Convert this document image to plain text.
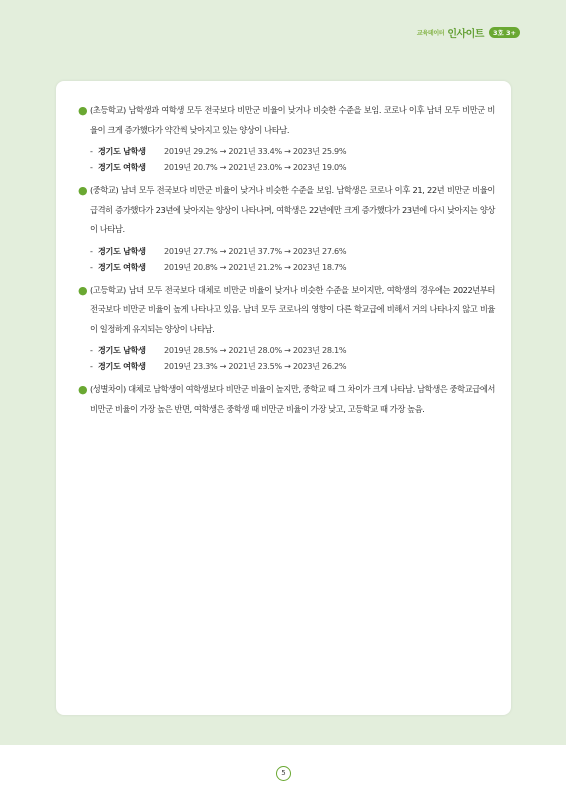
교육데이터 인사이트	3호 3+
● (초등학교) 남학생과 여학생 모두 전국보다 비만군 비율이 낮거나 비슷한 수준을 보임. 코로나 이후 남녀 모두 비만군 비율이 크게 증가했다가 약간씩 낮아지고 있는 양상이 나타남.

- 경기도 남학생	2019년 29.2% → 2021년 33.4% → 2023년 25.9%
- 경기도 여학생	2019년 20.7% → 2021년 23.0% → 2023년 19.0%
● (중학교) 남녀 모두 전국보다 비만군 비율이 낮거나 비슷한 수준을 보임. 남학생은 코로나 이후 21, 22년 비만군 비율이 급격히 증가했다가 23년에 낮아지는 양상이 나타나며, 여학생은 22년에만 크게 증가했다가 23년에 다시 낮아지는 양상이 나타남.

- 경기도 남학생	2019년 27.7% → 2021년 37.7% → 2023년 27.6%
- 경기도 여학생	2019년 20.8% → 2021년 21.2% → 2023년 18.7%
● (고등학교) 남녀 모두 전국보다 대체로 비만군 비율이 낮거나 비슷한 수준을 보이지만, 여학생의 경우에는 2022년부터 전국보다 비만군 비율이 높게 나타나고 있음. 남녀 모두 코로나의 영향이 다른 학교급에 비해서 거의 나타나지 않고 비율이 일정하게 유지되는 양상이 나타남.

- 경기도 남학생	2019년 28.5% → 2021년 28.0% → 2023년 28.1%
- 경기도 여학생	2019년 23.3% → 2021년 23.5% → 2023년 26.2%
● (성별차이) 대체로 남학생이 여학생보다 비만군 비율이 높지만, 중학교 때 그 차이가 크게 나타남. 남학생은 중학교급에서 비만군 비율이 가장 높은 반면, 여학생은 중학생 때 비만군 비율이 가장 낮고, 고등학교 때 가장 높음.

5
